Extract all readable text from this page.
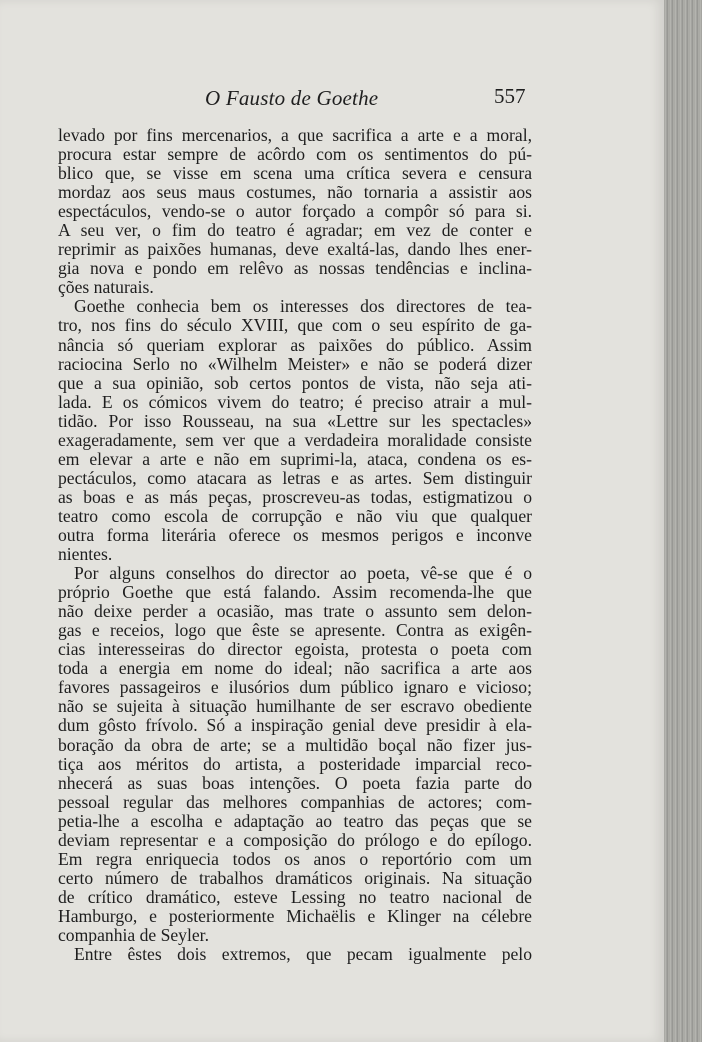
O Fausto de Goethe	557
levado por fins mercenarios, a que sacrifica a arte e a moral,
procura estar sempre de acôrdo com os sentimentos do pú-
blico que, se visse em scena uma crítica severa e censura
mordaz aos seus maus costumes, não tornaria a assistir aos
espectáculos, vendo-se o autor forçado a compôr só para si.
A seu ver, o fim do teatro é agradar; em vez de conter e
reprimir as paixões humanas, deve exaltá-las, dando lhes ener-
gia nova e pondo em relêvo as nossas tendências e inclina-
ções naturais.
Goethe conhecia bem os interesses dos directores de tea-
tro, nos fins do século XVIII, que com o seu espírito de ga-
nância só queriam explorar as paixões do público. Assim
raciocina Serlo no «Wilhelm Meister» e não se poderá dizer
que a sua opinião, sob certos pontos de vista, não seja ati-
lada. E os cómicos vivem do teatro; é preciso atrair a mul-
tidão. Por isso Rousseau, na sua «Lettre sur les spectacles»
exageradamente, sem ver que a verdadeira moralidade consiste
em elevar a arte e não em suprimi-la, ataca, condena os es-
pectáculos, como atacara as letras e as artes. Sem distinguir
as boas e as más peças, proscreveu-as todas, estigmatizou o
teatro como escola de corrupção e não viu que qualquer
outra forma literária oferece os mesmos perigos e inconve
nientes.
Por alguns conselhos do director ao poeta, vê-se que é o
próprio Goethe que está falando. Assim recomenda-lhe que
não deixe perder a ocasião, mas trate o assunto sem delon-
gas e receios, logo que êste se apresente. Contra as exigên-
cias interesseiras do director egoista, protesta o poeta com
toda a energia em nome do ideal; não sacrifica a arte aos
favores passageiros e ilusórios dum público ignaro e vicioso;
não se sujeita à situação humilhante de ser escravo obediente
dum gôsto frívolo. Só a inspiração genial deve presidir à ela-
boração da obra de arte; se a multidão boçal não fizer jus-
tiça aos méritos do artista, a posteridade imparcial reco-
nhecerá as suas boas intenções. O poeta fazia parte do
pessoal regular das melhores companhias de actores; com-
petia-lhe a escolha e adaptação ao teatro das peças que se
deviam representar e a composição do prólogo e do epílogo.
Em regra enriquecia todos os anos o reportório com um
certo número de trabalhos dramáticos originais. Na situação
de crítico dramático, esteve Lessing no teatro nacional de
Hamburgo, e posteriormente Michaëlis e Klinger na célebre
companhia de Seyler.
Entre êstes dois extremos, que pecam igualmente pelo
